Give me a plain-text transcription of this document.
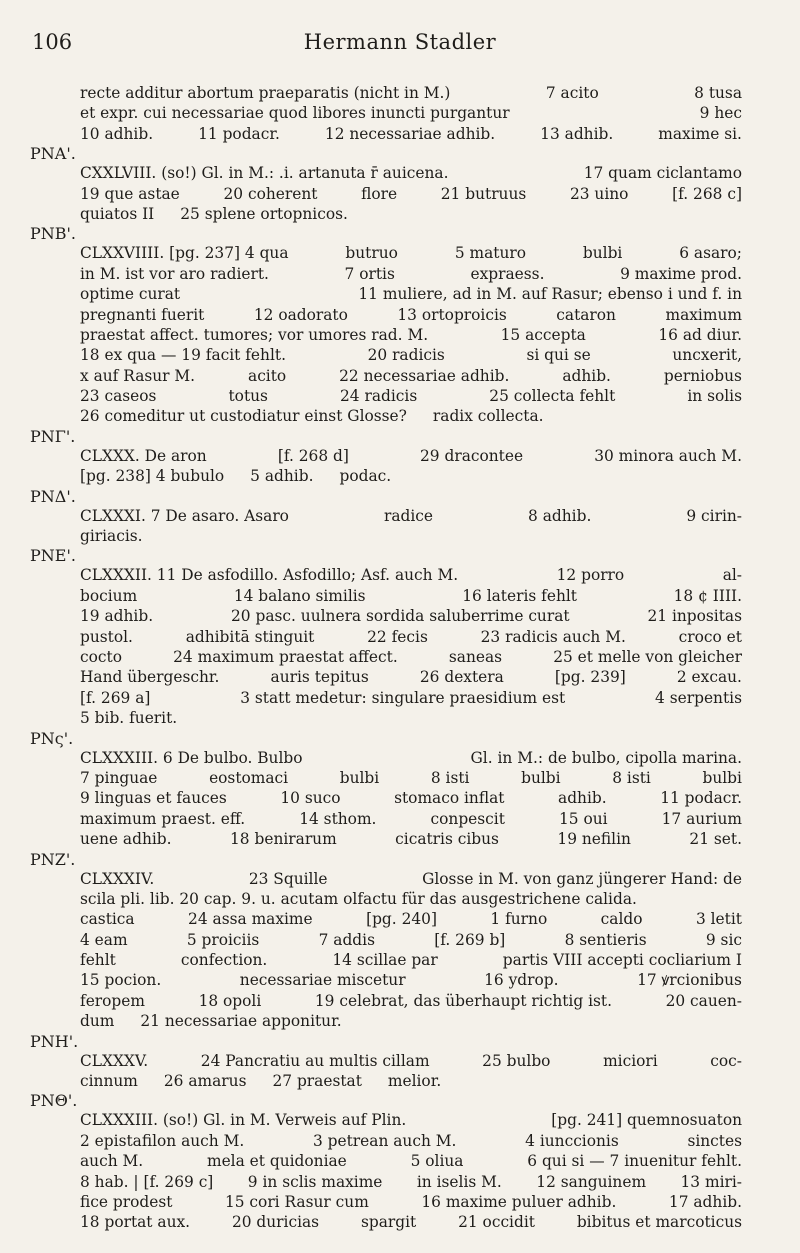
106	Hermann Stadler
recte additur abortum praeparatis (nicht in M.)	7 acito	8 tusa
et expr. cui necessariae quod libores inuncti purgantur	9 hec
10 adhib.	11 podacr.	12 necessariae adhib.	13 adhib.	maxime si.
PNA'.
CXXLVIII. (so!) Gl. in M.: .i. artanuta r̄ auicena.	17 quam ciclantamo
19 que astae	20 coherent	flore	21 butruus	23 uino	[f. 268 c]
quiatos II 25 splene ortopnicos.
PNB'.
CLXXVIIII. [pg. 237] 4 qua	butruo	5 maturo	bulbi	6 asaro;
in M. ist vor aro radiert.	7 ortis	expraess.	9 maxime prod.
optime curat	11 muliere, ad in M. auf Rasur; ebenso i und f. in
pregnanti fuerit	12 oadorato	13 ortoproicis	cataron	maximum
praestat affect. tumores; vor umores rad. M.	15 accepta	16 ad diur.
18 ex qua — 19 facit fehlt.	20 radicis	si qui se	uncxerit,
x auf Rasur M.	acito	22 necessariae adhib.	adhib.	perniobus
23 caseos	totus	24 radicis	25 collecta fehlt	in solis
26 comeditur ut custodiatur einst Glosse? radix collecta.
PNΓ'.
CLXXX. De aron	[f. 268 d]	29 dracontee	30 minora auch M.
[pg. 238] 4 bubulo 5 adhib. podac.
PNΔ'.
CLXXXI. 7 De asaro. Asaro	radice	8 adhib.	9 cirin-
giriacis.
PNE'.
CLXXXII. 11 De asfodillo. Asfodillo; Asf. auch M.	12 porro	al-
bocium	14 balano similis	16 lateris fehlt	18 ¢ IIII.
19 adhib.	20 pasc. uulnera sordida saluberrime curat	21 inpositas
pustol.	adhibitā stinguit	22 fecis	23 radicis auch M.	croco et
cocto	24 maximum praestat affect.	saneas	25 et melle von gleicher
Hand übergeschr.	auris tepitus	26 dextera	[pg. 239]	2 excau.
[f. 269 a]	3 statt medetur: singulare praesidium est	4 serpentis
5 bib. fuerit.
PNς'.
CLXXXIII. 6 De bulbo. Bulbo	Gl. in M.: de bulbo, cipolla marina.
7 pinguae	eostomaci	bulbi	8 isti	bulbi	8 isti	bulbi
9 linguas et fauces	10 suco	stomaco inflat	adhib.	11 podacr.
maximum praest. eff.	14 sthom.	conpescit	15 oui	17 aurium
uene adhib.	18 benirarum	cicatris cibus	19 nefilin	21 set.
PNZ'.
CLXXXIV.	23 Squille	Glosse in M. von ganz jüngerer Hand: de
scila pli. lib. 20 cap. 9. u. acutam olfactu für das ausgestrichene calida.
castica	24 assa maxime	[pg. 240]	1 furno	caldo	3 letit
4 eam	5 proiciis	7 addis	[f. 269 b]	8 sentieris	9 sic
fehlt	confection.	14 scillae par	partis VIII accepti cocliarium I
15 pocion.	necessariae miscetur	16 ydrop.	17 ꝟrcionibus
feropem	18 opoli	19 celebrat, das überhaupt richtig ist.	20 cauen-
dum 21 necessariae apponitur.
PNH'.
CLXXXV.	24 Pancratiu au multis cillam	25 bulbo	miciori	coc-
cinnum 26 amarus 27 praestat melior.
PNΘ'.
CLXXXIII. (so!) Gl. in M. Verweis auf Plin.	[pg. 241] quemnosuaton
2 epistafilon auch M.	3 petrean auch M.	4 iunccionis	sinctes
auch M.	mela et quidoniae	5 oliua	6 qui si — 7 inuenitur fehlt.
8 hab. | [f. 269 c] 9 in sclis maxime in iselis M. 12 sanguinem 13 miri-
fice prodest	15 cori Rasur cum	16 maxime puluer adhib.	17 adhib.
18 portat aux.	20 duricias	spargit	21 occidit	bibitus et marcoticus
